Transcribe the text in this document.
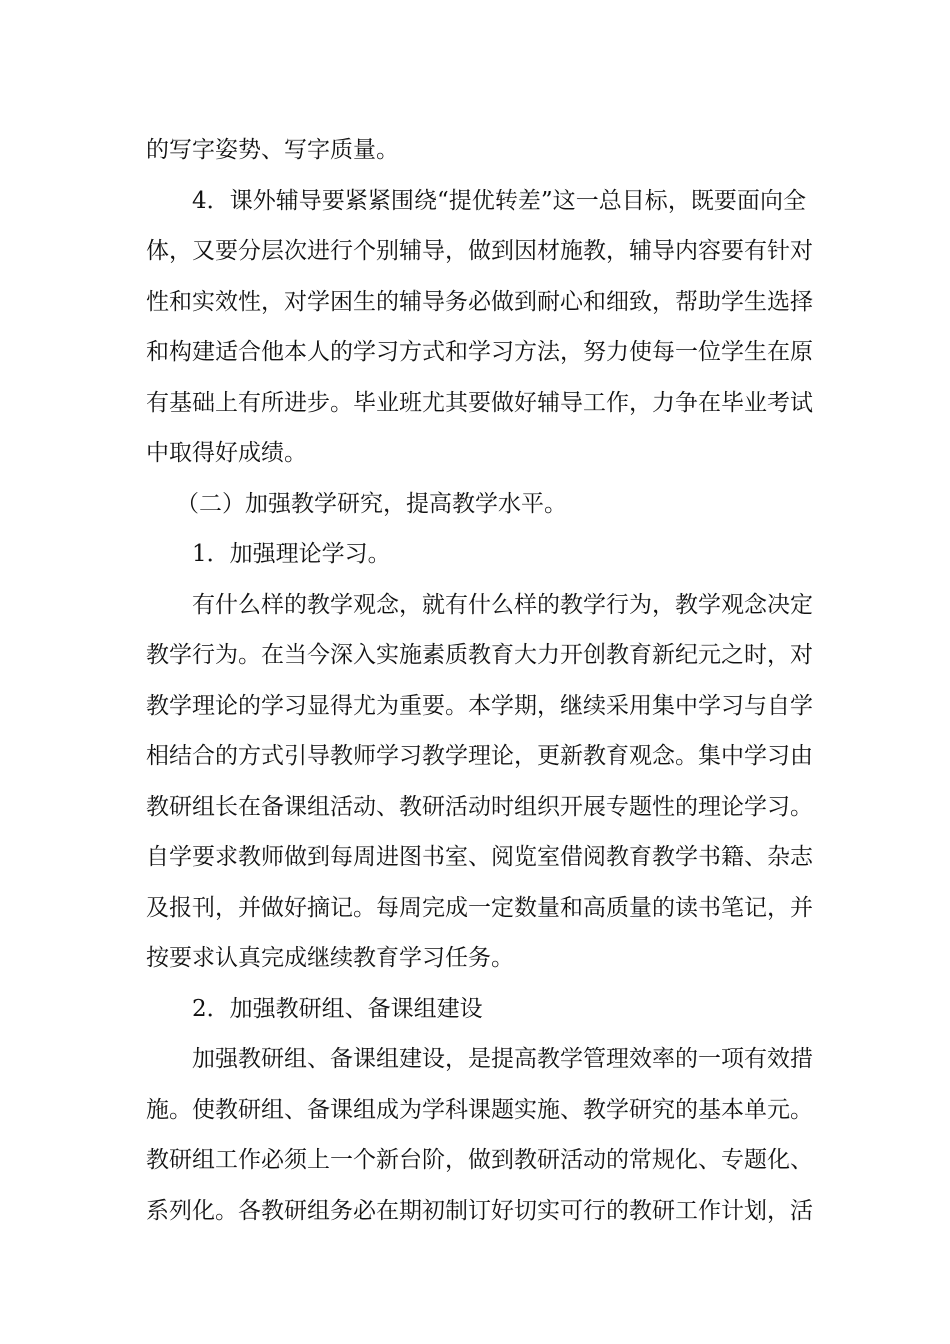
的写字姿势、写字质量。
4．课外辅导要紧紧围绕“提优转差”这一总目标，既要面向全
体，又要分层次进行个别辅导，做到因材施教，辅导内容要有针对
性和实效性，对学困生的辅导务必做到耐心和细致，帮助学生选择
和构建适合他本人的学习方式和学习方法，努力使每一位学生在原
有基础上有所进步。毕业班尤其要做好辅导工作，力争在毕业考试
中取得好成绩。
（二）加强教学研究，提高教学水平。
1．加强理论学习。
有什么样的教学观念，就有什么样的教学行为，教学观念决定
教学行为。在当今深入实施素质教育大力开创教育新纪元之时，对
教学理论的学习显得尤为重要。本学期，继续采用集中学习与自学
相结合的方式引导教师学习教学理论，更新教育观念。集中学习由
教研组长在备课组活动、教研活动时组织开展专题性的理论学习。
自学要求教师做到每周进图书室、阅览室借阅教育教学书籍、杂志
及报刊，并做好摘记。每周完成一定数量和高质量的读书笔记，并
按要求认真完成继续教育学习任务。
2．加强教研组、备课组建设
加强教研组、备课组建设，是提高教学管理效率的一项有效措
施。使教研组、备课组成为学科课题实施、教学研究的基本单元。
教研组工作必须上一个新台阶，做到教研活动的常规化、专题化、
系列化。各教研组务必在期初制订好切实可行的教研工作计划，活
